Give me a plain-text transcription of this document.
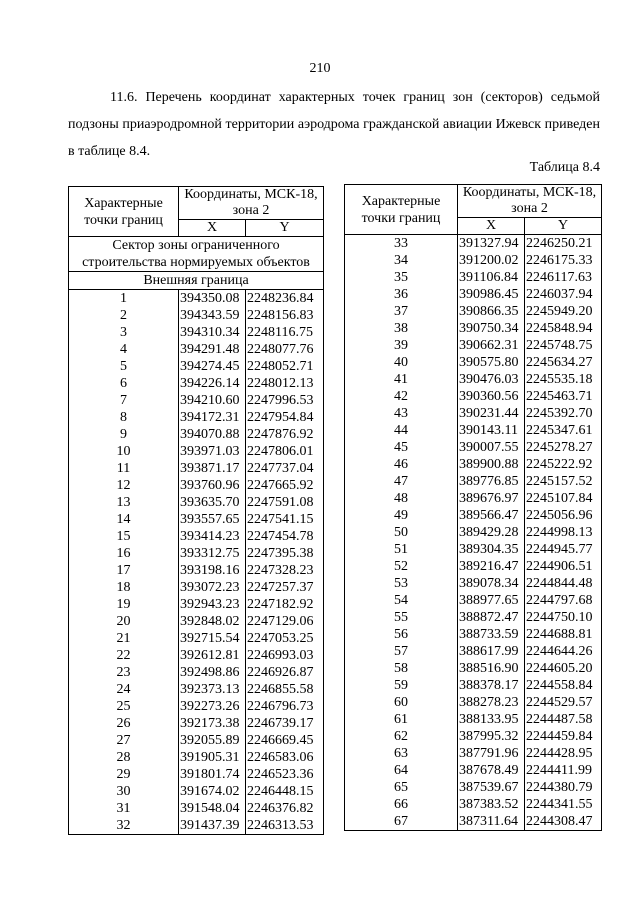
210
11.6. Перечень координат характерных точек границ зон (секторов) седьмой подзоны приаэродромной территории аэродрома гражданской авиации Ижевск приведен в таблице 8.4.
Таблица 8.4
Характерные точки границ	Координаты, МСК-18, зона 2	
	X	Y
Сектор зоны ограниченного строительства нормируемых объектов		
Внешняя граница		
1	394350.08	2248236.84
2	394343.59	2248156.83
3	394310.34	2248116.75
4	394291.48	2248077.76
5	394274.45	2248052.71
6	394226.14	2248012.13
7	394210.60	2247996.53
8	394172.31	2247954.84
9	394070.88	2247876.92
10	393971.03	2247806.01
11	393871.17	2247737.04
12	393760.96	2247665.92
13	393635.70	2247591.08
14	393557.65	2247541.15
15	393414.23	2247454.78
16	393312.75	2247395.38
17	393198.16	2247328.23
18	393072.23	2247257.37
19	392943.23	2247182.92
20	392848.02	2247129.06
21	392715.54	2247053.25
22	392612.81	2246993.03
23	392498.86	2246926.87
24	392373.13	2246855.58
25	392273.26	2246796.73
26	392173.38	2246739.17
27	392055.89	2246669.45
28	391905.31	2246583.06
29	391801.74	2246523.36
30	391674.02	2246448.15
31	391548.04	2246376.82
32	391437.39	2246313.53
Характерные точки границ	Координаты, МСК-18, зона 2	
	X	Y
33	391327.94	2246250.21
34	391200.02	2246175.33
35	391106.84	2246117.63
36	390986.45	2246037.94
37	390866.35	2245949.20
38	390750.34	2245848.94
39	390662.31	2245748.75
40	390575.80	2245634.27
41	390476.03	2245535.18
42	390360.56	2245463.71
43	390231.44	2245392.70
44	390143.11	2245347.61
45	390007.55	2245278.27
46	389900.88	2245222.92
47	389776.85	2245157.52
48	389676.97	2245107.84
49	389566.47	2245056.96
50	389429.28	2244998.13
51	389304.35	2244945.77
52	389216.47	2244906.51
53	389078.34	2244844.48
54	388977.65	2244797.68
55	388872.47	2244750.10
56	388733.59	2244688.81
57	388617.99	2244644.26
58	388516.90	2244605.20
59	388378.17	2244558.84
60	388278.23	2244529.57
61	388133.95	2244487.58
62	387995.32	2244459.84
63	387791.96	2244428.95
64	387678.49	2244411.99
65	387539.67	2244380.79
66	387383.52	2244341.55
67	387311.64	2244308.47
